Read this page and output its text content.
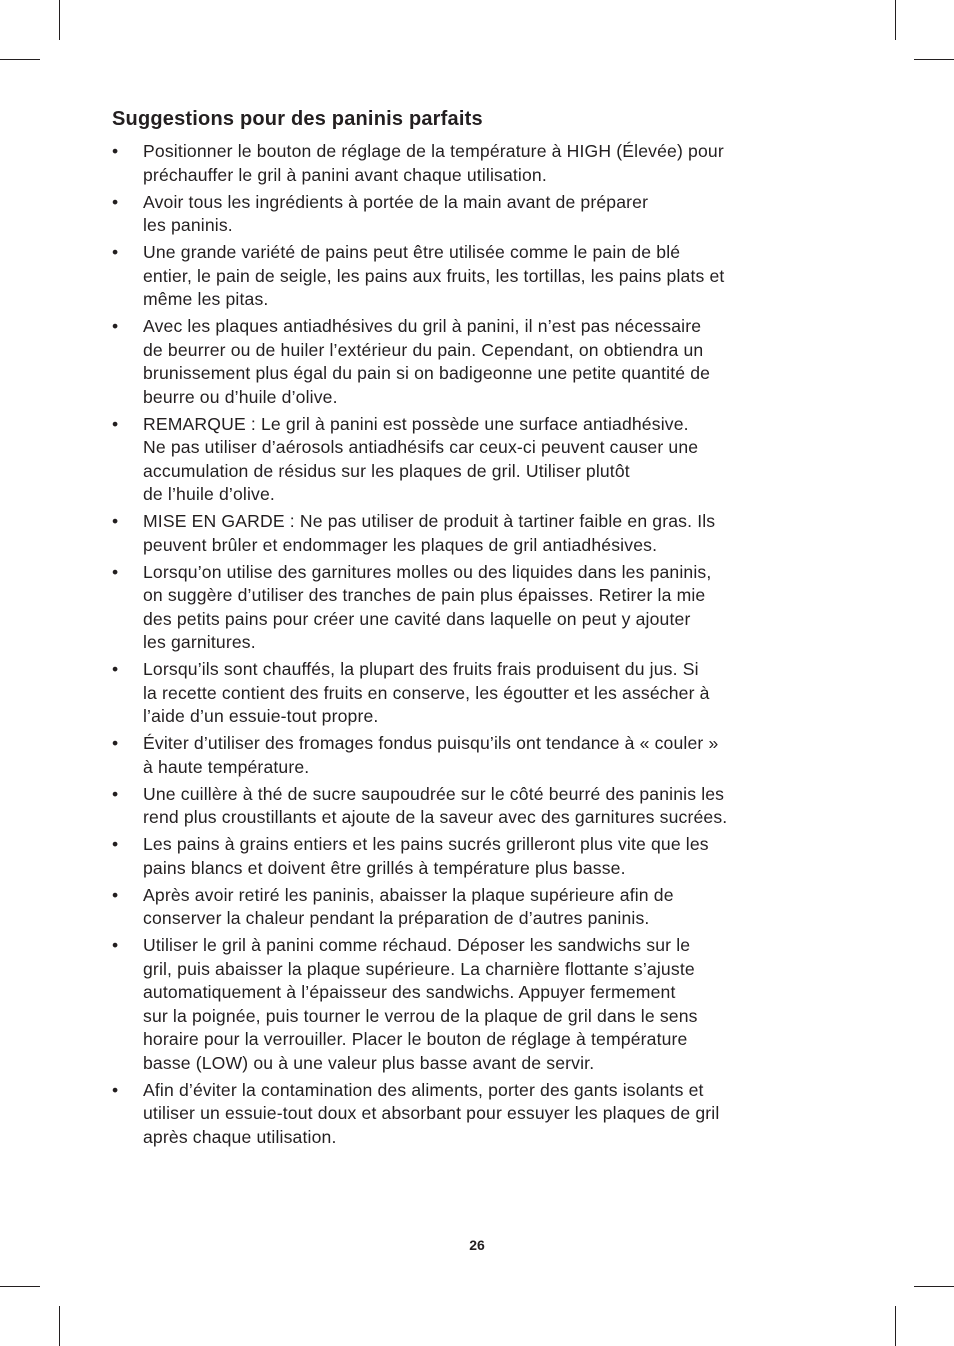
Suggestions pour des paninis parfaits
• Positionner le bouton de réglage de la température à HIGH (Élevée) pour
préchauffer le gril à panini avant chaque utilisation.
• Avoir tous les ingrédients à portée de la main avant de préparer
les paninis.
• Une grande variété de pains peut être utilisée comme le pain de blé
entier, le pain de seigle, les pains aux fruits, les tortillas, les pains plats et
même les pitas.
• Avec les plaques antiadhésives du gril à panini, il n’est pas nécessaire
de beurrer ou de huiler l’extérieur du pain. Cependant, on obtiendra un
brunissement plus égal du pain si on badigeonne une petite quantité de
beurre ou d’huile d’olive.
• REMARQUE : Le gril à panini est possède une surface antiadhésive.
Ne pas utiliser d’aérosols antiadhésifs car ceux-ci peuvent causer une
accumulation de résidus sur les plaques de gril. Utiliser plutôt
de l’huile d’olive.
• MISE EN GARDE : Ne pas utiliser de produit à tartiner faible en gras. Ils
peuvent brûler et endommager les plaques de gril antiadhésives.
• Lorsqu’on utilise des garnitures molles ou des liquides dans les paninis,
on suggère d’utiliser des tranches de pain plus épaisses. Retirer la mie
des petits pains pour créer une cavité dans laquelle on peut y ajouter
les garnitures.
• Lorsqu’ils sont chauffés, la plupart des fruits frais produisent du jus. Si
la recette contient des fruits en conserve, les égoutter et les assécher à
l’aide d’un essuie-tout propre.
• Éviter d’utiliser des fromages fondus puisqu’ils ont tendance à « couler »
à haute température.
• Une cuillère à thé de sucre saupoudrée sur le côté beurré des paninis les
rend plus croustillants et ajoute de la saveur avec des garnitures sucrées.
• Les pains à grains entiers et les pains sucrés grilleront plus vite que les
pains blancs et doivent être grillés à température plus basse.
• Après avoir retiré les paninis, abaisser la plaque supérieure afin de
conserver la chaleur pendant la préparation de d’autres paninis.
• Utiliser le gril à panini comme réchaud. Déposer les sandwichs sur le
gril, puis abaisser la plaque supérieure. La charnière flottante s’ajuste
automatiquement à l’épaisseur des sandwichs. Appuyer fermement
sur la poignée, puis tourner le verrou de la plaque de gril dans le sens
horaire pour la verrouiller. Placer le bouton de réglage à température
basse (LOW) ou à une valeur plus basse avant de servir.
• Afin d’éviter la contamination des aliments, porter des gants isolants et
utiliser un essuie-tout doux et absorbant pour essuyer les plaques de gril
après chaque utilisation.
26
